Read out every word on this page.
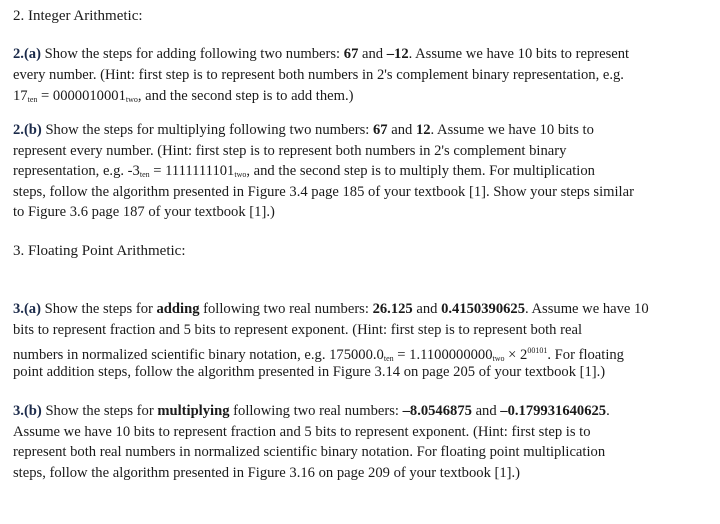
2. Integer Arithmetic:
2.(a) Show the steps for adding following two numbers: 67 and –12. Assume we have 10 bits to represent
every number. (Hint: first step is to represent both numbers in 2's complement binary representation, e.g.
$17_{ten} = 0000010001_{two}$, and the second step is to add them.)
2.(b) Show the steps for multiplying following two numbers: 67 and 12. Assume we have 10 bits to
represent every number. (Hint: first step is to represent both numbers in 2's complement binary
representation, e.g. $-3_{ten} = 1111111101_{two}$, and the second step is to multiply them. For multiplication
steps, follow the algorithm presented in Figure 3.4 page 185 of your textbook [1]. Show your steps similar
to Figure 3.6 page 187 of your textbook [1].)
3. Floating Point Arithmetic:
3.(a) Show the steps for adding following two real numbers: 26.125 and 0.4150390625. Assume we have 10
bits to represent fraction and 5 bits to represent exponent. (Hint: first step is to represent both real
numbers in normalized scientific binary notation, e.g. $175000.0_{ten} = 1.1100000000_{two} \times 2^{00101}$. For floating
point addition steps, follow the algorithm presented in Figure 3.14 on page 205 of your textbook [1].)
3.(b) Show the steps for multiplying following two real numbers: –8.0546875 and –0.179931640625.
Assume we have 10 bits to represent fraction and 5 bits to represent exponent. (Hint: first step is to
represent both real numbers in normalized scientific binary notation. For floating point multiplication
steps, follow the algorithm presented in Figure 3.16 on page 209 of your textbook [1].)
